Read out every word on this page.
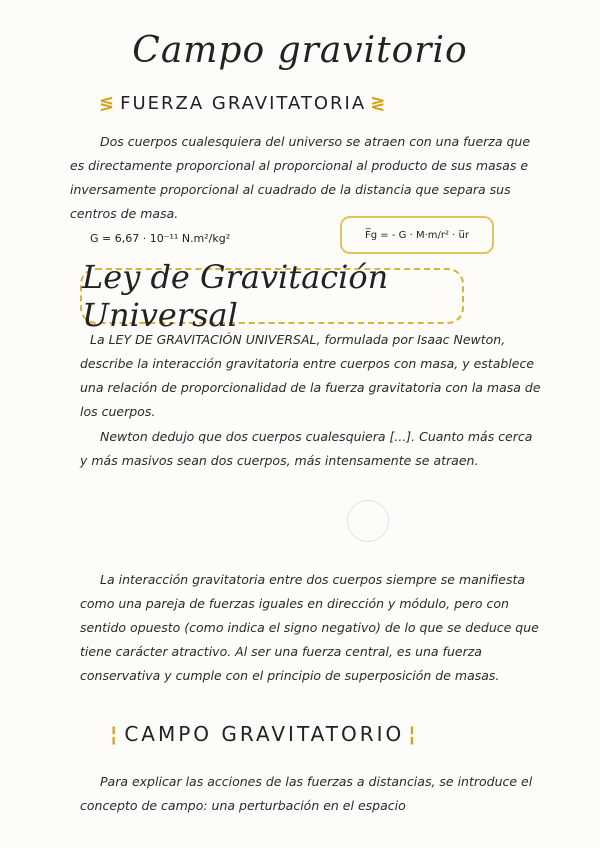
Campo gravitorio
≶ FUERZA GRAVITATORIA ≷
Dos cuerpos cualesquiera del universo se atraen con una fuerza que es directamente proporcional al proporcional al producto de sus masas e inversamente proporcional al cuadrado de la distancia que separa sus centros de masa.
G = 6,67 · 10⁻¹¹ N.m²/kg²	F̅g = - G · M·m/r² · u̅r
Ley de Gravitación Universal
La LEY DE GRAVITACIÓN UNIVERSAL, formulada por Isaac Newton, describe la interacción gravitatoria entre cuerpos con masa, y establece una relación de proporcionalidad de la fuerza gravitatoria con la masa de los cuerpos.
Newton dedujo que dos cuerpos cualesquiera [...]. Cuanto más cerca y más masivos sean dos cuerpos, más intensamente se atraen.
La interacción gravitatoria entre dos cuerpos siempre se manifiesta como una pareja de fuerzas iguales en dirección y módulo, pero con sentido opuesto (como indica el signo negativo) de lo que se deduce que tiene carácter atractivo. Al ser una fuerza central, es una fuerza conservativa y cumple con el principio de superposición de masas.
¦ CAMPO GRAVITATORIO ¦
Para explicar las acciones de las fuerzas a distancias, se introduce el concepto de campo: una perturbación en el espacio
